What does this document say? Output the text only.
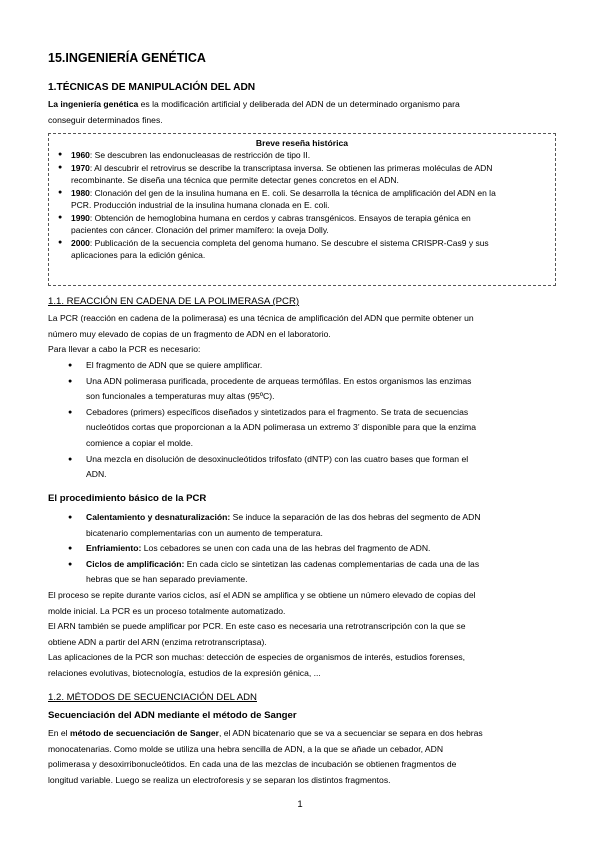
15.INGENIERÍA GENÉTICA
1.TÉCNICAS DE MANIPULACIÓN DEL ADN
La ingeniería genética es la modificación artificial y deliberada del ADN de un determinado organismo para
conseguir determinados fines.
Breve reseña histórica
● 1960: Se descubren las endonucleasas de restricción de tipo II.
● 1970: Al descubrir el retrovirus se describe la transcriptasa inversa. Se obtienen las primeras moléculas de ADN
recombinante. Se diseña una técnica que permite detectar genes concretos en el ADN.
● 1980: Clonación del gen de la insulina humana en E. coli. Se desarrolla la técnica de amplificación del ADN en la
PCR. Producción industrial de la insulina humana clonada en E. coli.
● 1990: Obtención de hemoglobina humana en cerdos y cabras transgénicos. Ensayos de terapia génica en
pacientes con cáncer. Clonación del primer mamífero: la oveja Dolly.
● 2000: Publicación de la secuencia completa del genoma humano. Se descubre el sistema CRISPR-Cas9 y sus
aplicaciones para la edición génica.
1.1. REACCIÓN EN CADENA DE LA POLIMERASA (PCR)
La PCR (reacción en cadena de la polimerasa) es una técnica de amplificación del ADN que permite obtener un
número muy elevado de copias de un fragmento de ADN en el laboratorio.
Para llevar a cabo la PCR es necesario:
● El fragmento de ADN que se quiere amplificar.
● Una ADN polimerasa purificada, procedente de arqueas termófilas. En estos organismos las enzimas
son funcionales a temperaturas muy altas (95ºC).
● Cebadores (primers) específicos diseñados y sintetizados para el fragmento. Se trata de secuencias
nucleótidos cortas que proporcionan a la ADN polimerasa un extremo 3’ disponible para que la enzima
comience a copiar el molde.
● Una mezcla en disolución de desoxinucleótidos trifosfato (dNTP) con las cuatro bases que forman el
ADN.
El procedimiento básico de la PCR
● Calentamiento y desnaturalización: Se induce la separación de las dos hebras del segmento de ADN
bicatenario complementarias con un aumento de temperatura.
● Enfriamiento: Los cebadores se unen con cada una de las hebras del fragmento de ADN.
● Ciclos de amplificación: En cada ciclo se sintetizan las cadenas complementarias de cada una de las
hebras que se han separado previamente.
El proceso se repite durante varios ciclos, así el ADN se amplifica y se obtiene un número elevado de copias del
molde inicial. La PCR es un proceso totalmente automatizado.
El ARN también se puede amplificar por PCR. En este caso es necesaria una retrotranscripción con la que se
obtiene ADN a partir del ARN (enzima retrotranscriptasa).
Las aplicaciones de la PCR son muchas: detección de especies de organismos de interés, estudios forenses,
relaciones evolutivas, biotecnología, estudios de la expresión génica, ...
1.2. MÉTODOS DE SECUENCIACIÓN DEL ADN
Secuenciación del ADN mediante el método de Sanger
En el método de secuenciación de Sanger, el ADN bicatenario que se va a secuenciar se separa en dos hebras
monocatenarias. Como molde se utiliza una hebra sencilla de ADN, a la que se añade un cebador, ADN
polimerasa y desoxirribonucleótidos. En cada una de las mezclas de incubación se obtienen fragmentos de
longitud variable. Luego se realiza un electroforesis y se separan los distintos fragmentos.
1
